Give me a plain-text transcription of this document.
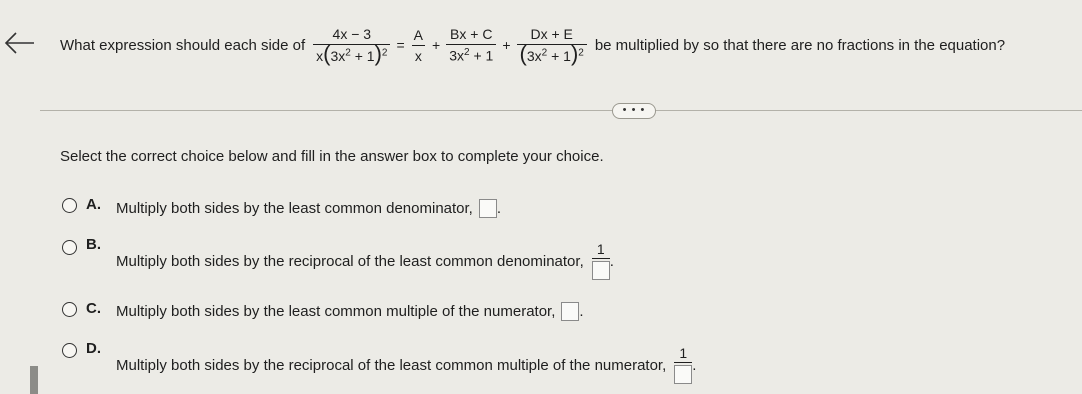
What expression should each side of $\frac{4x - 3}{x(3x^2 + 1)^2} = \frac{A}{x} + \frac{Bx + C}{3x^2 + 1} + \frac{Dx + E}{(3x^2 + 1)^2}$ be multiplied by so that there are no fractions in the equation?
• • •
Select the correct choice below and fill in the answer box to complete your choice.
A. Multiply both sides by the least common denominator, .
B.
Multiply both sides by the reciprocal of the least common denominator,
1
.
C. Multiply both sides by the least common multiple of the numerator, .
D.
Multiply both sides by the reciprocal of the least common multiple of the numerator,
1
.
